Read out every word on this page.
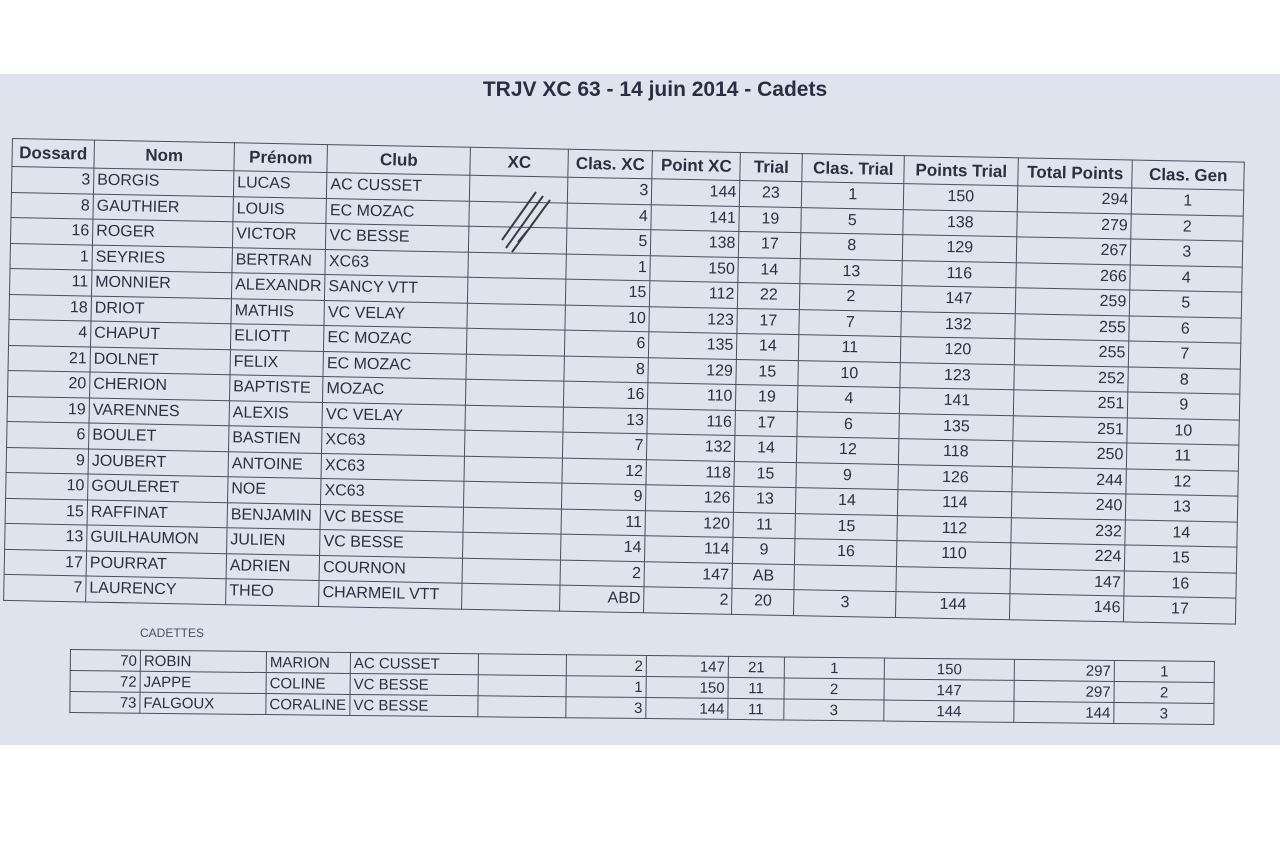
TRJV XC 63 - 14 juin 2014 - Cadets
Dossard	Nom	Prénom	Club	XC	Clas. XC	Point XC	Trial	Clas. Trial	Points Trial	Total Points	Clas. Gen
3	BORGIS	LUCAS	AC CUSSET		3	144	23	1	150	294	1
8	GAUTHIER	LOUIS	EC MOZAC		4	141	19	5	138	279	2
16	ROGER	VICTOR	VC BESSE		5	138	17	8	129	267	3
1	SEYRIES	BERTRAN	XC63		1	150	14	13	116	266	4
11	MONNIER	ALEXANDR	SANCY VTT		15	112	22	2	147	259	5
18	DRIOT	MATHIS	VC VELAY		10	123	17	7	132	255	6
4	CHAPUT	ELIOTT	EC MOZAC		6	135	14	11	120	255	7
21	DOLNET	FELIX	EC MOZAC		8	129	15	10	123	252	8
20	CHERION	BAPTISTE	MOZAC		16	110	19	4	141	251	9
19	VARENNES	ALEXIS	VC VELAY		13	116	17	6	135	251	10
6	BOULET	BASTIEN	XC63		7	132	14	12	118	250	11
9	JOUBERT	ANTOINE	XC63		12	118	15	9	126	244	12
10	GOULERET	NOE	XC63		9	126	13	14	114	240	13
15	RAFFINAT	BENJAMIN	VC BESSE		11	120	11	15	112	232	14
13	GUILHAUMON	JULIEN	VC BESSE		14	114	9	16	110	224	15
17	POURRAT	ADRIEN	COURNON		2	147	AB			147	16
7	LAURENCY	THEO	CHARMEIL VTT		ABD	2	20	3	144	146	17
CADETTES
70	ROBIN	MARION	AC CUSSET		2	147	21	1	150	297	1
72	JAPPE	COLINE	VC BESSE		1	150	11	2	147	297	2
73	FALGOUX	CORALINE	VC BESSE		3	144	11	3	144	144	3
